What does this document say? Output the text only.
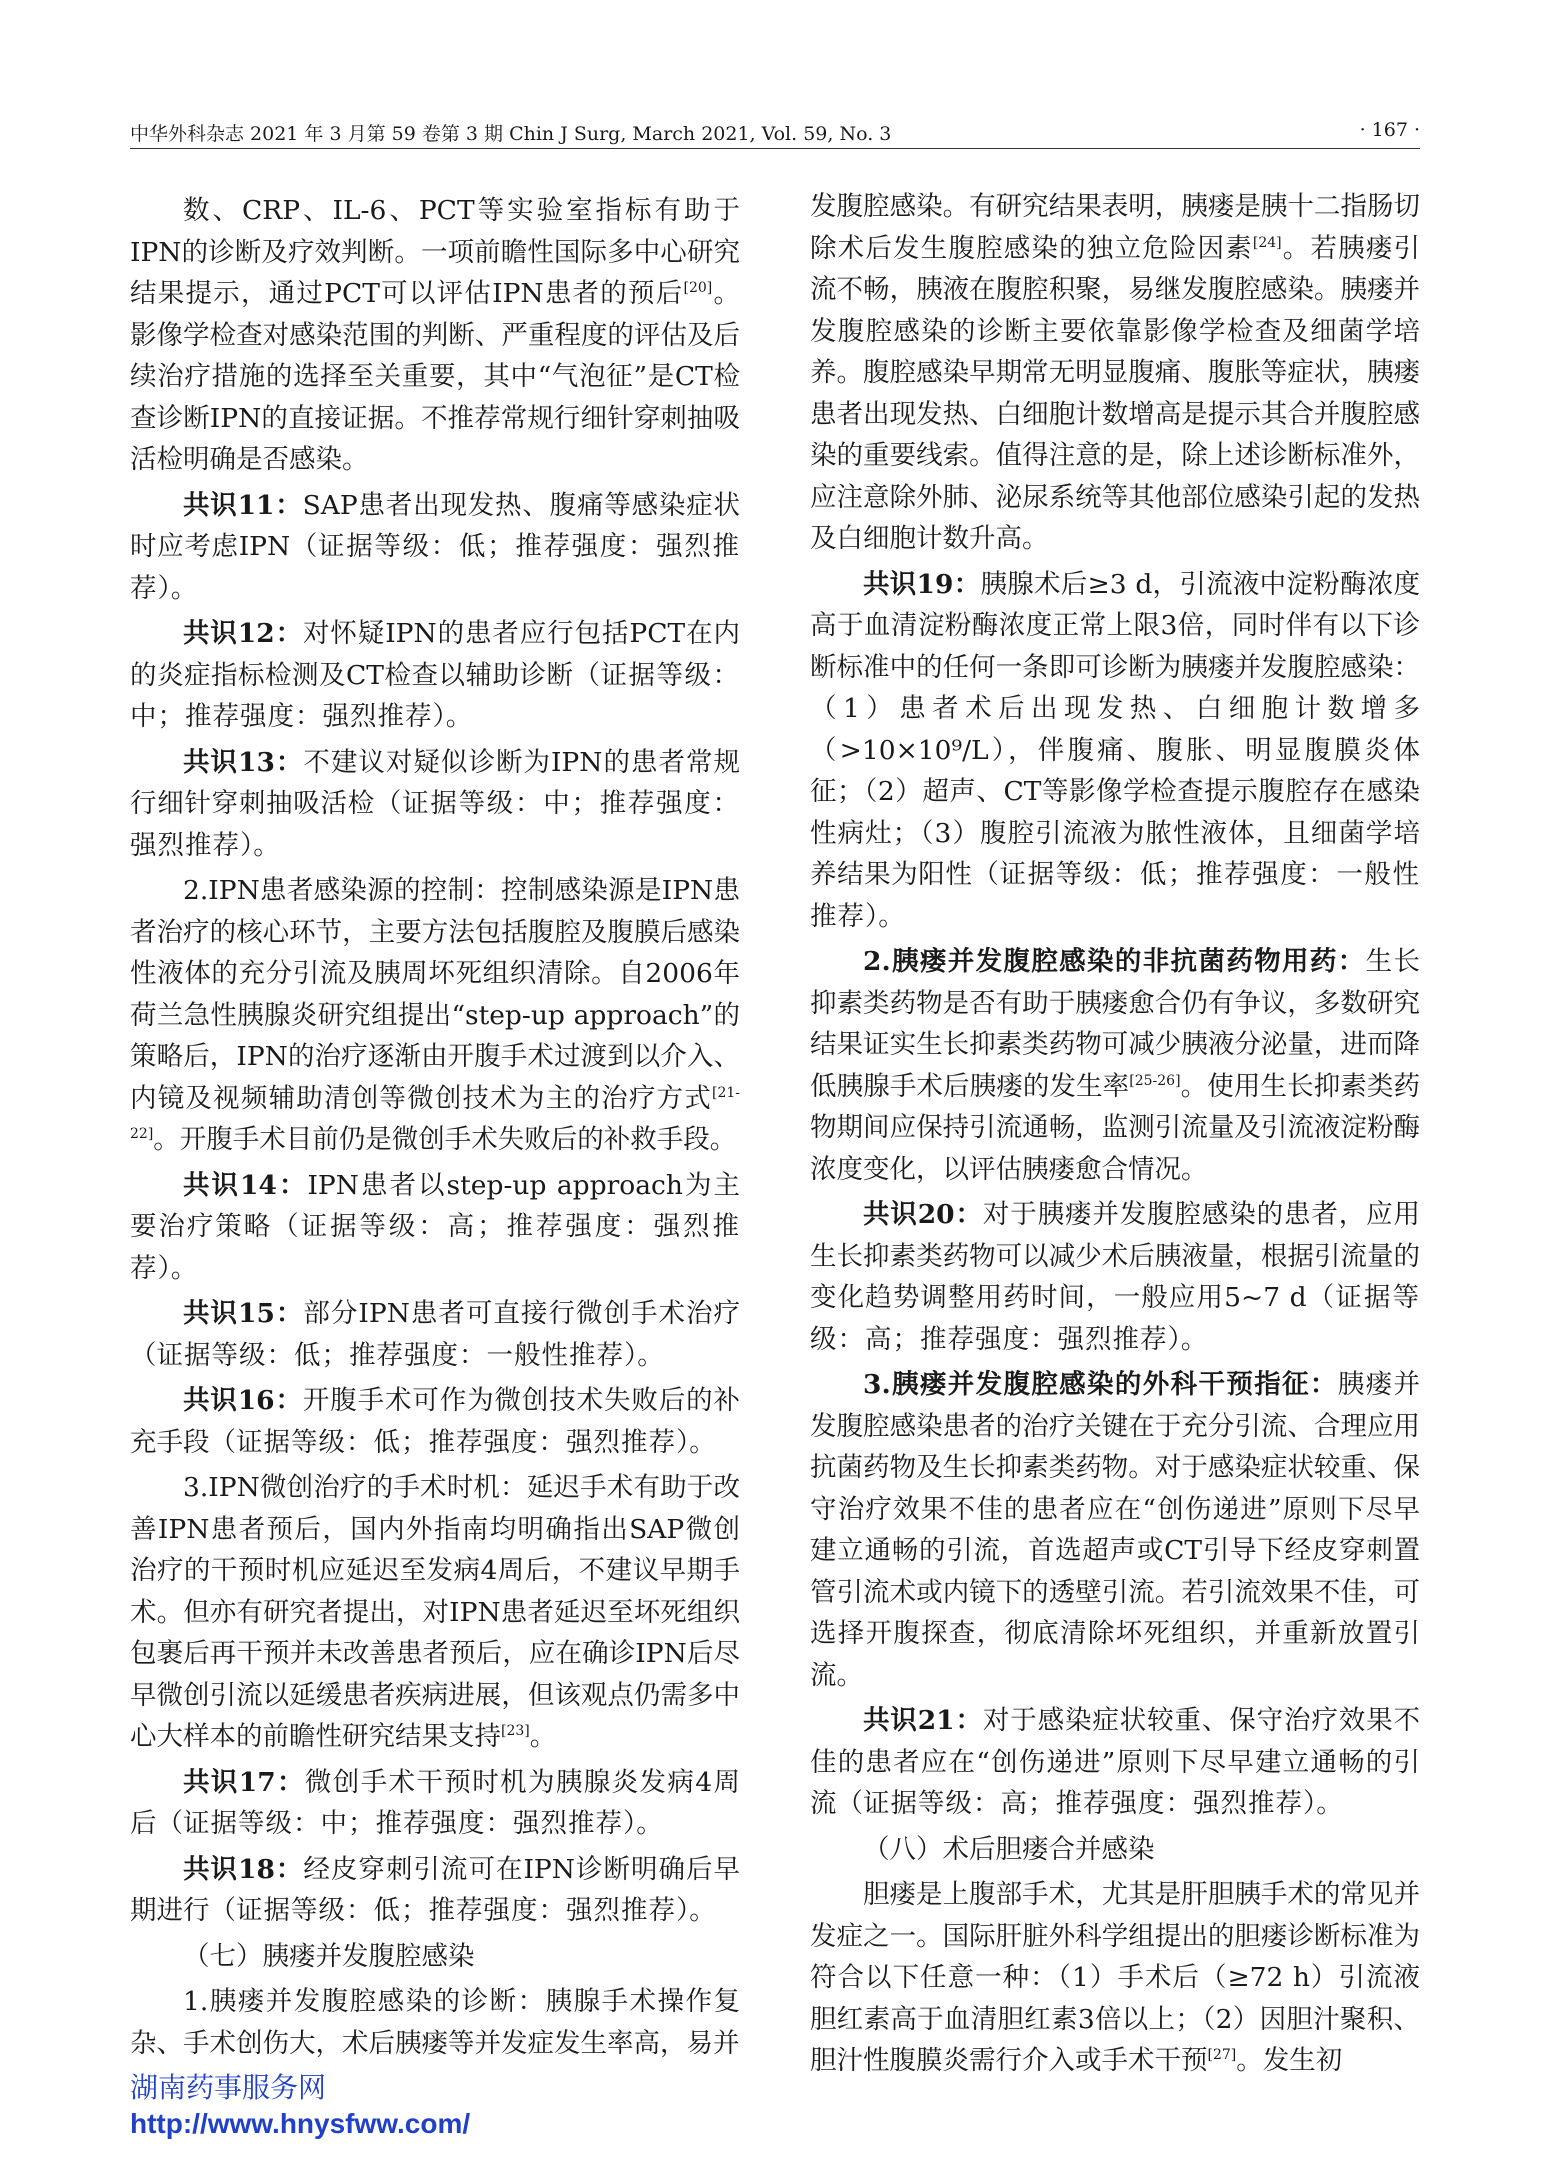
中华外科杂志 2021 年 3 月第 59 卷第 3 期 Chin J Surg, March 2021, Vol. 59, No. 3	· 167 ·

数、CRP、IL-6、PCT等实验室指标有助于IPN的诊断及疗效判断。一项前瞻性国际多中心研究结果提示，通过PCT可以评估IPN患者的预后[20]。影像学检查对感染范围的判断、严重程度的评估及后续治疗措施的选择至关重要，其中“气泡征”是CT检查诊断IPN的直接证据。不推荐常规行细针穿刺抽吸活检明确是否感染。

共识11：SAP患者出现发热、腹痛等感染症状时应考虑IPN（证据等级：低；推荐强度：强烈推荐）。

共识12：对怀疑IPN的患者应行包括PCT在内的炎症指标检测及CT检查以辅助诊断（证据等级：中；推荐强度：强烈推荐）。

共识13：不建议对疑似诊断为IPN的患者常规行细针穿刺抽吸活检（证据等级：中；推荐强度：强烈推荐）。

2.IPN患者感染源的控制：控制感染源是IPN患者治疗的核心环节，主要方法包括腹腔及腹膜后感染性液体的充分引流及胰周坏死组织清除。自2006年荷兰急性胰腺炎研究组提出“step-up approach”的策略后，IPN的治疗逐渐由开腹手术过渡到以介入、内镜及视频辅助清创等微创技术为主的治疗方式[21-22]。开腹手术目前仍是微创手术失败后的补救手段。

共识14：IPN患者以step-up approach为主要治疗策略（证据等级：高；推荐强度：强烈推荐）。

共识15：部分IPN患者可直接行微创手术治疗（证据等级：低；推荐强度：一般性推荐）。

共识16：开腹手术可作为微创技术失败后的补充手段（证据等级：低；推荐强度：强烈推荐）。

3.IPN微创治疗的手术时机：延迟手术有助于改善IPN患者预后，国内外指南均明确指出SAP微创治疗的干预时机应延迟至发病4周后，不建议早期手术。但亦有研究者提出，对IPN患者延迟至坏死组织包裹后再干预并未改善患者预后，应在确诊IPN后尽早微创引流以延缓患者疾病进展，但该观点仍需多中心大样本的前瞻性研究结果支持[23]。

共识17：微创手术干预时机为胰腺炎发病4周后（证据等级：中；推荐强度：强烈推荐）。

共识18：经皮穿刺引流可在IPN诊断明确后早期进行（证据等级：低；推荐强度：强烈推荐）。

（七）胰瘘并发腹腔感染

1.胰瘘并发腹腔感染的诊断：胰腺手术操作复杂、手术创伤大，术后胰瘘等并发症发生率高，易并

发腹腔感染。有研究结果表明，胰瘘是胰十二指肠切除术后发生腹腔感染的独立危险因素[24]。若胰瘘引流不畅，胰液在腹腔积聚，易继发腹腔感染。胰瘘并发腹腔感染的诊断主要依靠影像学检查及细菌学培养。腹腔感染早期常无明显腹痛、腹胀等症状，胰瘘患者出现发热、白细胞计数增高是提示其合并腹腔感染的重要线索。值得注意的是，除上述诊断标准外，应注意除外肺、泌尿系统等其他部位感染引起的发热及白细胞计数升高。

共识19：胰腺术后≥3 d，引流液中淀粉酶浓度高于血清淀粉酶浓度正常上限3倍，同时伴有以下诊断标准中的任何一条即可诊断为胰瘘并发腹腔感染：（1）患者术后出现发热、白细胞计数增多（>10×10⁹/L），伴腹痛、腹胀、明显腹膜炎体征；（2）超声、CT等影像学检查提示腹腔存在感染性病灶；（3）腹腔引流液为脓性液体，且细菌学培养结果为阳性（证据等级：低；推荐强度：一般性推荐）。

2.胰瘘并发腹腔感染的非抗菌药物用药：生长抑素类药物是否有助于胰瘘愈合仍有争议，多数研究结果证实生长抑素类药物可减少胰液分泌量，进而降低胰腺手术后胰瘘的发生率[25-26]。使用生长抑素类药物期间应保持引流通畅，监测引流量及引流液淀粉酶浓度变化，以评估胰瘘愈合情况。

共识20：对于胰瘘并发腹腔感染的患者，应用生长抑素类药物可以减少术后胰液量，根据引流量的变化趋势调整用药时间，一般应用5~7 d（证据等级：高；推荐强度：强烈推荐）。

3.胰瘘并发腹腔感染的外科干预指征：胰瘘并发腹腔感染患者的治疗关键在于充分引流、合理应用抗菌药物及生长抑素类药物。对于感染症状较重、保守治疗效果不佳的患者应在“创伤递进”原则下尽早建立通畅的引流，首选超声或CT引导下经皮穿刺置管引流术或内镜下的透壁引流。若引流效果不佳，可选择开腹探查，彻底清除坏死组织，并重新放置引流。

共识21：对于感染症状较重、保守治疗效果不佳的患者应在“创伤递进”原则下尽早建立通畅的引流（证据等级：高；推荐强度：强烈推荐）。

（八）术后胆瘘合并感染

胆瘘是上腹部手术，尤其是肝胆胰手术的常见并发症之一。国际肝脏外科学组提出的胆瘘诊断标准为符合以下任意一种：（1）手术后（≥72 h）引流液胆红素高于血清胆红素3倍以上；（2）因胆汁聚积、胆汁性腹膜炎需行介入或手术干预[27]。发生初

湖南药事服务网
http://www.hnysfww.com/
